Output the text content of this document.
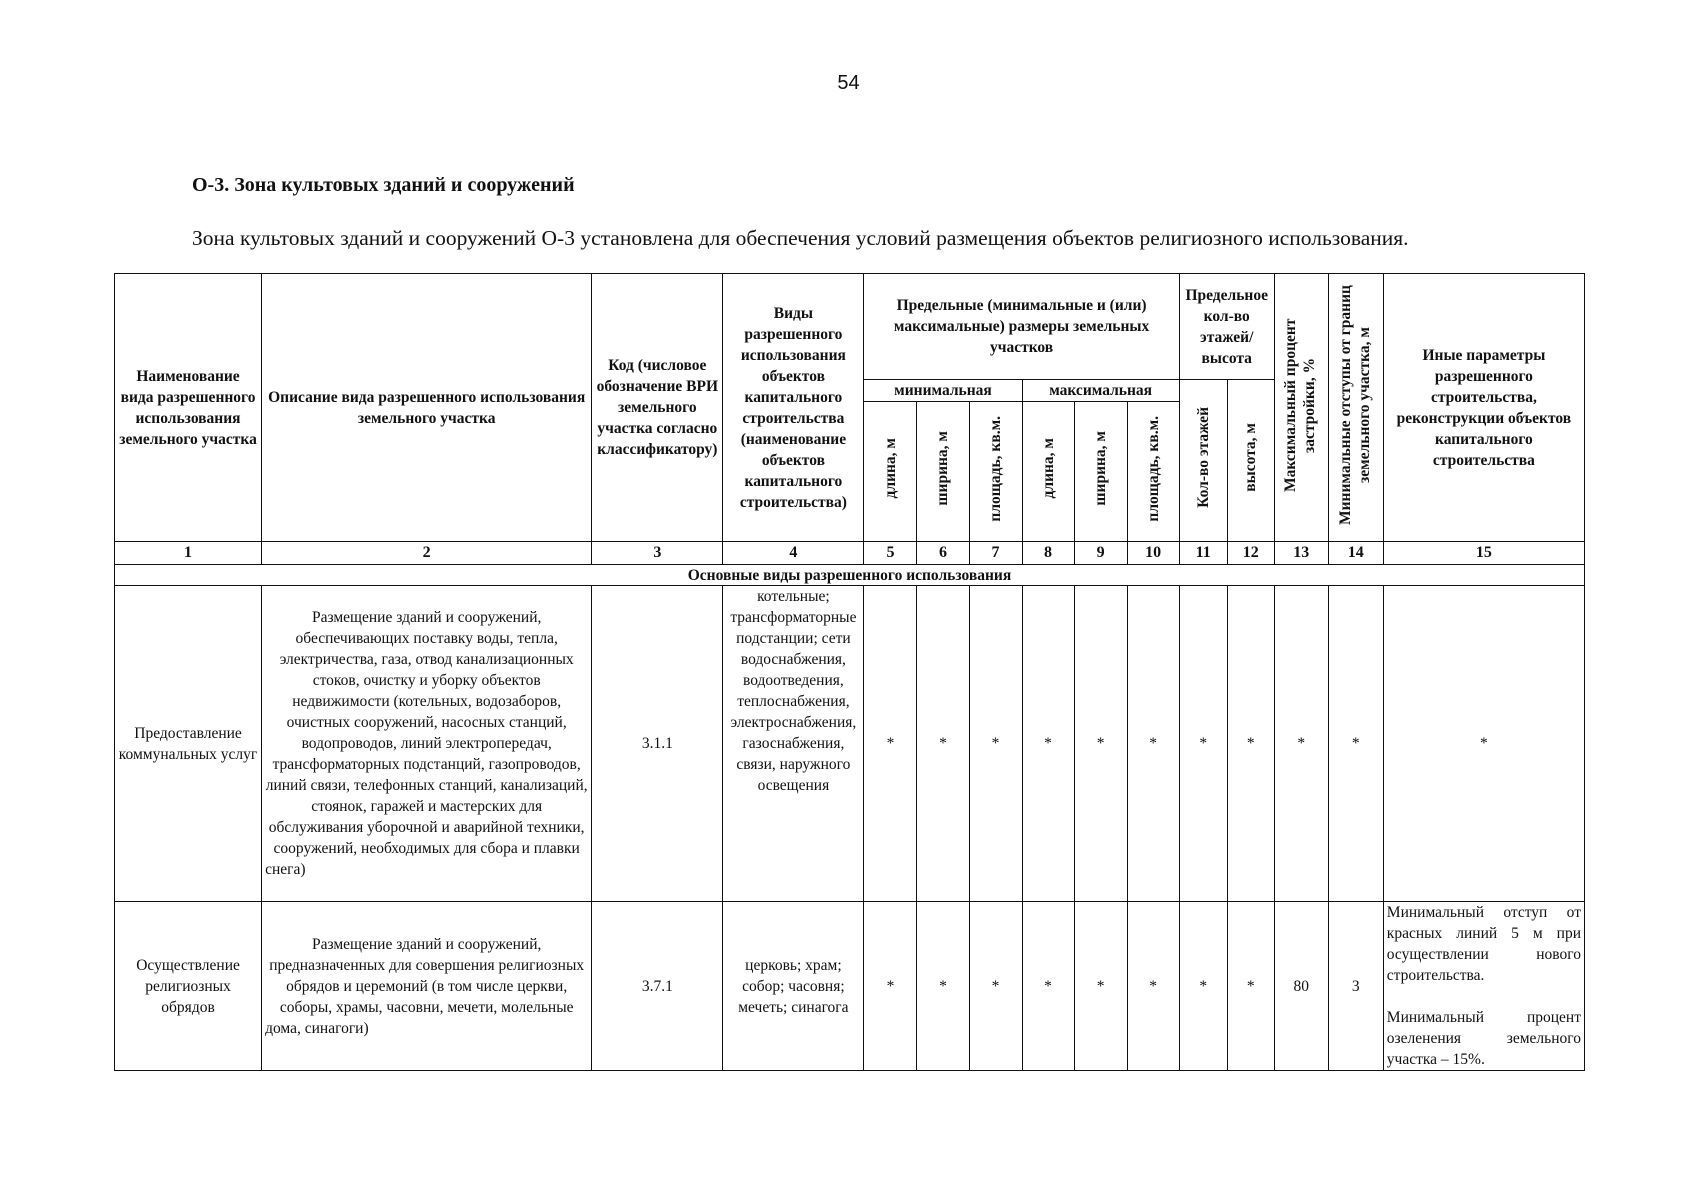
54
О-3. Зона культовых зданий и сооружений
Зона культовых зданий и сооружений О-3 установлена для обеспечения условий размещения объектов религиозного использования.
Наименование вида разрешенного использования земельного участка	Описание вида разрешенного использования земельного участка	Код (числовое обозначение ВРИ земельного участка согласно классификатору)	Виды разрешенного использования объектов капитального строительства (наименование объектов капитального строительства)	Предельные (минимальные и (или) максимальные) размеры земельных участков						Предельное кол-во этажей/ высота		Максимальный процент застройки, %	Минимальные отступы от границ земельного участка, м	Иные параметры разрешенного строительства, реконструкции объектов капитального строительства
				минимальная			максимальная			Кол-во этажей	высота, м			
				длина, м	ширина, м	площадь, кв.м.	длина, м	ширина, м	площадь, кв.м.					
1	2	3	4	5	6	7	8	9	10	11	12	13	14	15
Основные виды разрешенного использования														
Предоставление коммунальных услуг	Размещение зданий и сооружений, обеспечивающих поставку воды, тепла, электричества, газа, отвод канализационных стоков, очистку и уборку объектов недвижимости (котельных, водозаборов, очистных сооружений, насосных станций, водопроводов, линий электропередач, трансформаторных подстанций, газопроводов, линий связи, телефонных станций, канализаций, стоянок, гаражей и мастерских для обслуживания уборочной и аварийной техники, сооружений, необходимых для сбора и плавки снега)	3.1.1	котельные; трансформаторные подстанции; сети водоснабжения, водоотведения, теплоснабжения, электроснабжения, газоснабжения, связи, наружного освещения	*	*	*	*	*	*	*	*	*	*	*
Осуществление религиозных обрядов	Размещение зданий и сооружений, предназначенных для совершения религиозных обрядов и церемоний (в том числе церкви, соборы, храмы, часовни, мечети, молельные дома, синагоги)	3.7.1	церковь; храм; собор; часовня; мечеть; синагога	*	*	*	*	*	*	*	*	80	3	Минимальный отступ от красных линий 5 м при осуществлении нового строительства.
Минимальный процент озеленения земельного участка – 15%.
